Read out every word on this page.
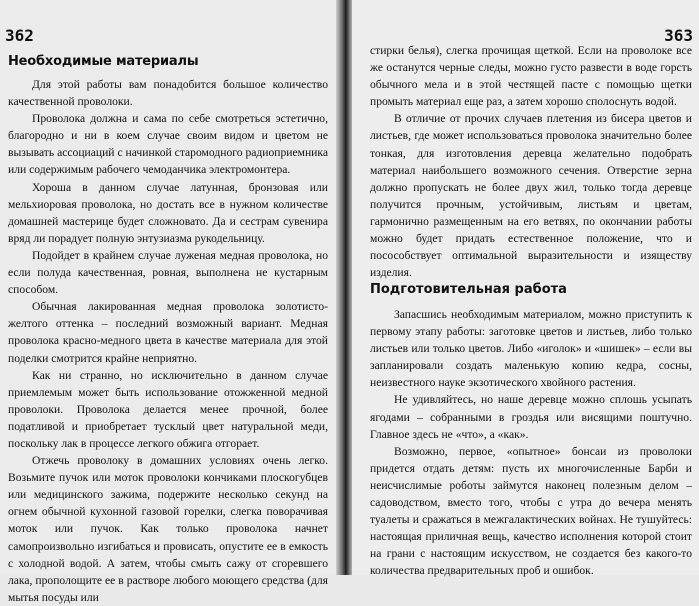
362
Необходимые материалы

Для этой работы вам понадобится большое количество качественной проволоки.

Проволока должна и сама по себе смотреться эстетично, благородно и ни в коем случае своим видом и цветом не вызывать ассоциаций с начинкой старомодного радиоприемника или содержимым рабочего чемоданчика электромонтера.

Хороша в данном случае латунная, бронзовая или мельхиоровая проволока, но достать все в нужном количестве домашней мастерице будет сложновато. Да и сестрам сувенира вряд ли порадует полную энтузиазма рукодельницу.

Подойдет в крайнем случае луженая медная проволока, но если полуда качественная, ровная, выполнена не кустарным способом.

Обычная лакированная медная проволока золотисто-желтого оттенка – последний возможный вариант. Медная проволока красно-медного цвета в качестве материала для этой поделки смотрится крайне неприятно.

Как ни странно, но исключительно в данном случае приемлемым может быть использование отожженной медной проволоки. Проволока делается менее прочной, более податливой и приобретает тусклый цвет натуральной меди, поскольку лак в процессе легкого обжига отгорает.

Отжечь проволоку в домашних условиях очень легко. Возьмите пучок или моток проволоки кончиками плоскогубцев или медицинского зажима, подержите несколько секунд на огнем обычной кухонной газовой горелки, слегка поворачивая моток или пучок. Как только проволока начнет самопроизвольно изгибаться и провисать, опустите ее в емкость с холодной водой. А затем, чтобы смыть сажу от сгоревшего лака, прополощите ее в растворе любого моющего средства (для мытья посуды или

363

стирки белья), слегка прочищая щеткой. Если на проволоке все же останутся черные следы, можно густо развести в воде горсть обычного мела и в этой честящей пасте с помощью щетки промыть материал еще раз, а затем хорошо сполоснуть водой.

В отличие от прочих случаев плетения из бисера цветов и листьев, где может использоваться проволока значительно более тонкая, для изготовления деревца желательно подобрать материал наибольшего возможного сечения. Отверстие зерна должно пропускать не более двух жил, только тогда деревце получится прочным, устойчивым, листьям и цветам, гармонично размещенным на его ветвях, по окончании работы можно будет придать естественное положение, что и посособствует оптимальной выразительности и изяществу изделия.

Подготовительная работа

Запасшись необходимым материалом, можно приступить к первому этапу работы: заготовке цветов и листьев, либо только листьев или только цветов. Либо «иголок» и «шишек» – если вы запланировали создать маленькую копию кедра, сосны, неизвестного науке экзотического хвойного растения.

Не удивляйтесь, но наше деревце можно сплошь усыпать ягодами – собранными в гроздья или висящими поштучно. Главное здесь не «что», а «как».

Возможно, первое, «опытное» бонсаи из проволоки придется отдать детям: пусть их многочисленные Барби и неисчислимые роботы займутся наконец полезным делом – садоводством, вместо того, чтобы с утра до вечера менять туалеты и сражаться в межгалактических войнах. Не тушуйтесь: настоящая приличная вещь, качество исполнения которой стоит на грани с настоящим искусством, не создается без какого-то количества предварительных проб и ошибок.
